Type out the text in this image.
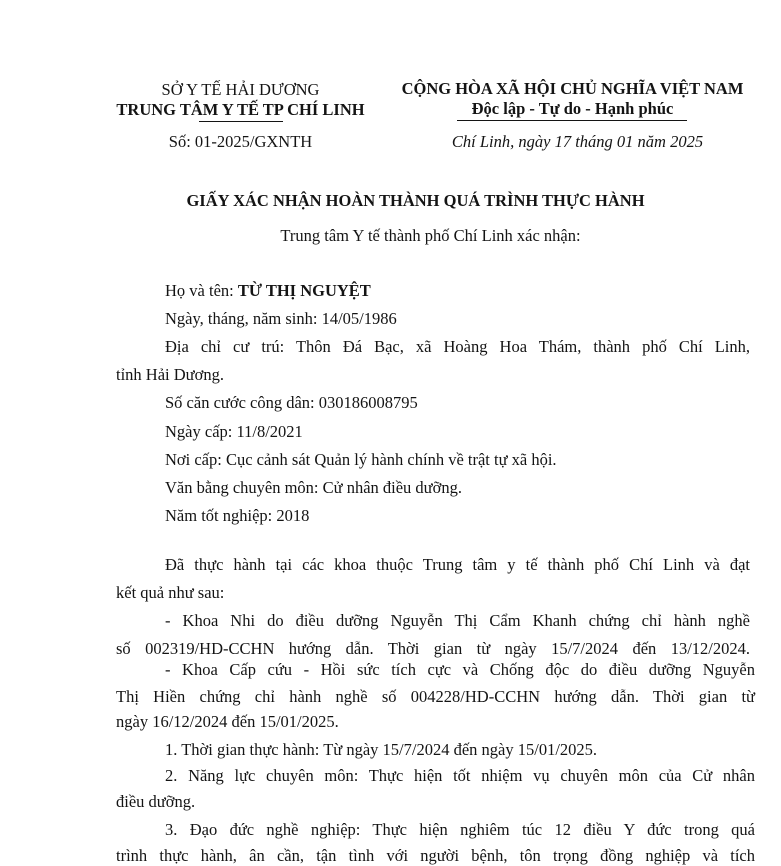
SỞ Y TẾ HẢI DƯƠNG
TRUNG TÂM Y TẾ TP CHÍ LINH
Số: 01-2025/GXNTH
CỘNG HÒA XÃ HỘI CHỦ NGHĨA VIỆT NAM
Độc lập - Tự do - Hạnh phúc
Chí Linh, ngày 17 tháng 01 năm 2025
GIẤY XÁC NHẬN HOÀN THÀNH QUÁ TRÌNH THỰC HÀNH
Trung tâm Y tế thành phố Chí Linh xác nhận:
Họ và tên: TỪ THỊ NGUYỆT
Ngày, tháng, năm sinh: 14/05/1986
Địa chỉ cư trú: Thôn Đá Bạc, xã Hoàng Hoa Thám, thành phố Chí Linh,
tỉnh Hải Dương.
Số căn cước công dân: 030186008795
Ngày cấp: 11/8/2021
Nơi cấp: Cục cảnh sát Quản lý hành chính về trật tự xã hội.
Văn bằng chuyên môn: Cử nhân điều dưỡng.
Năm tốt nghiệp: 2018
Đã thực hành tại các khoa thuộc Trung tâm y tế thành phố Chí Linh và đạt
kết quả như sau:
- Khoa Nhi do điều dưỡng Nguyễn Thị Cẩm Khanh chứng chỉ hành nghề
số 002319/HD-CCHN hướng dẫn. Thời gian từ ngày 15/7/2024 đến 13/12/2024.
- Khoa Cấp cứu - Hồi sức tích cực và Chống độc do điều dưỡng Nguyễn
Thị Hiền chứng chỉ hành nghề số 004228/HD-CCHN hướng dẫn. Thời gian từ
ngày 16/12/2024 đến 15/01/2025.
1. Thời gian thực hành: Từ ngày 15/7/2024 đến ngày 15/01/2025.
2. Năng lực chuyên môn: Thực hiện tốt nhiệm vụ chuyên môn của Cử nhân
điều dưỡng.
3. Đạo đức nghề nghiệp: Thực hiện nghiêm túc 12 điều Y đức trong quá
trình thực hành, ân cần, tận tình với người bệnh, tôn trọng đồng nghiệp và tích
